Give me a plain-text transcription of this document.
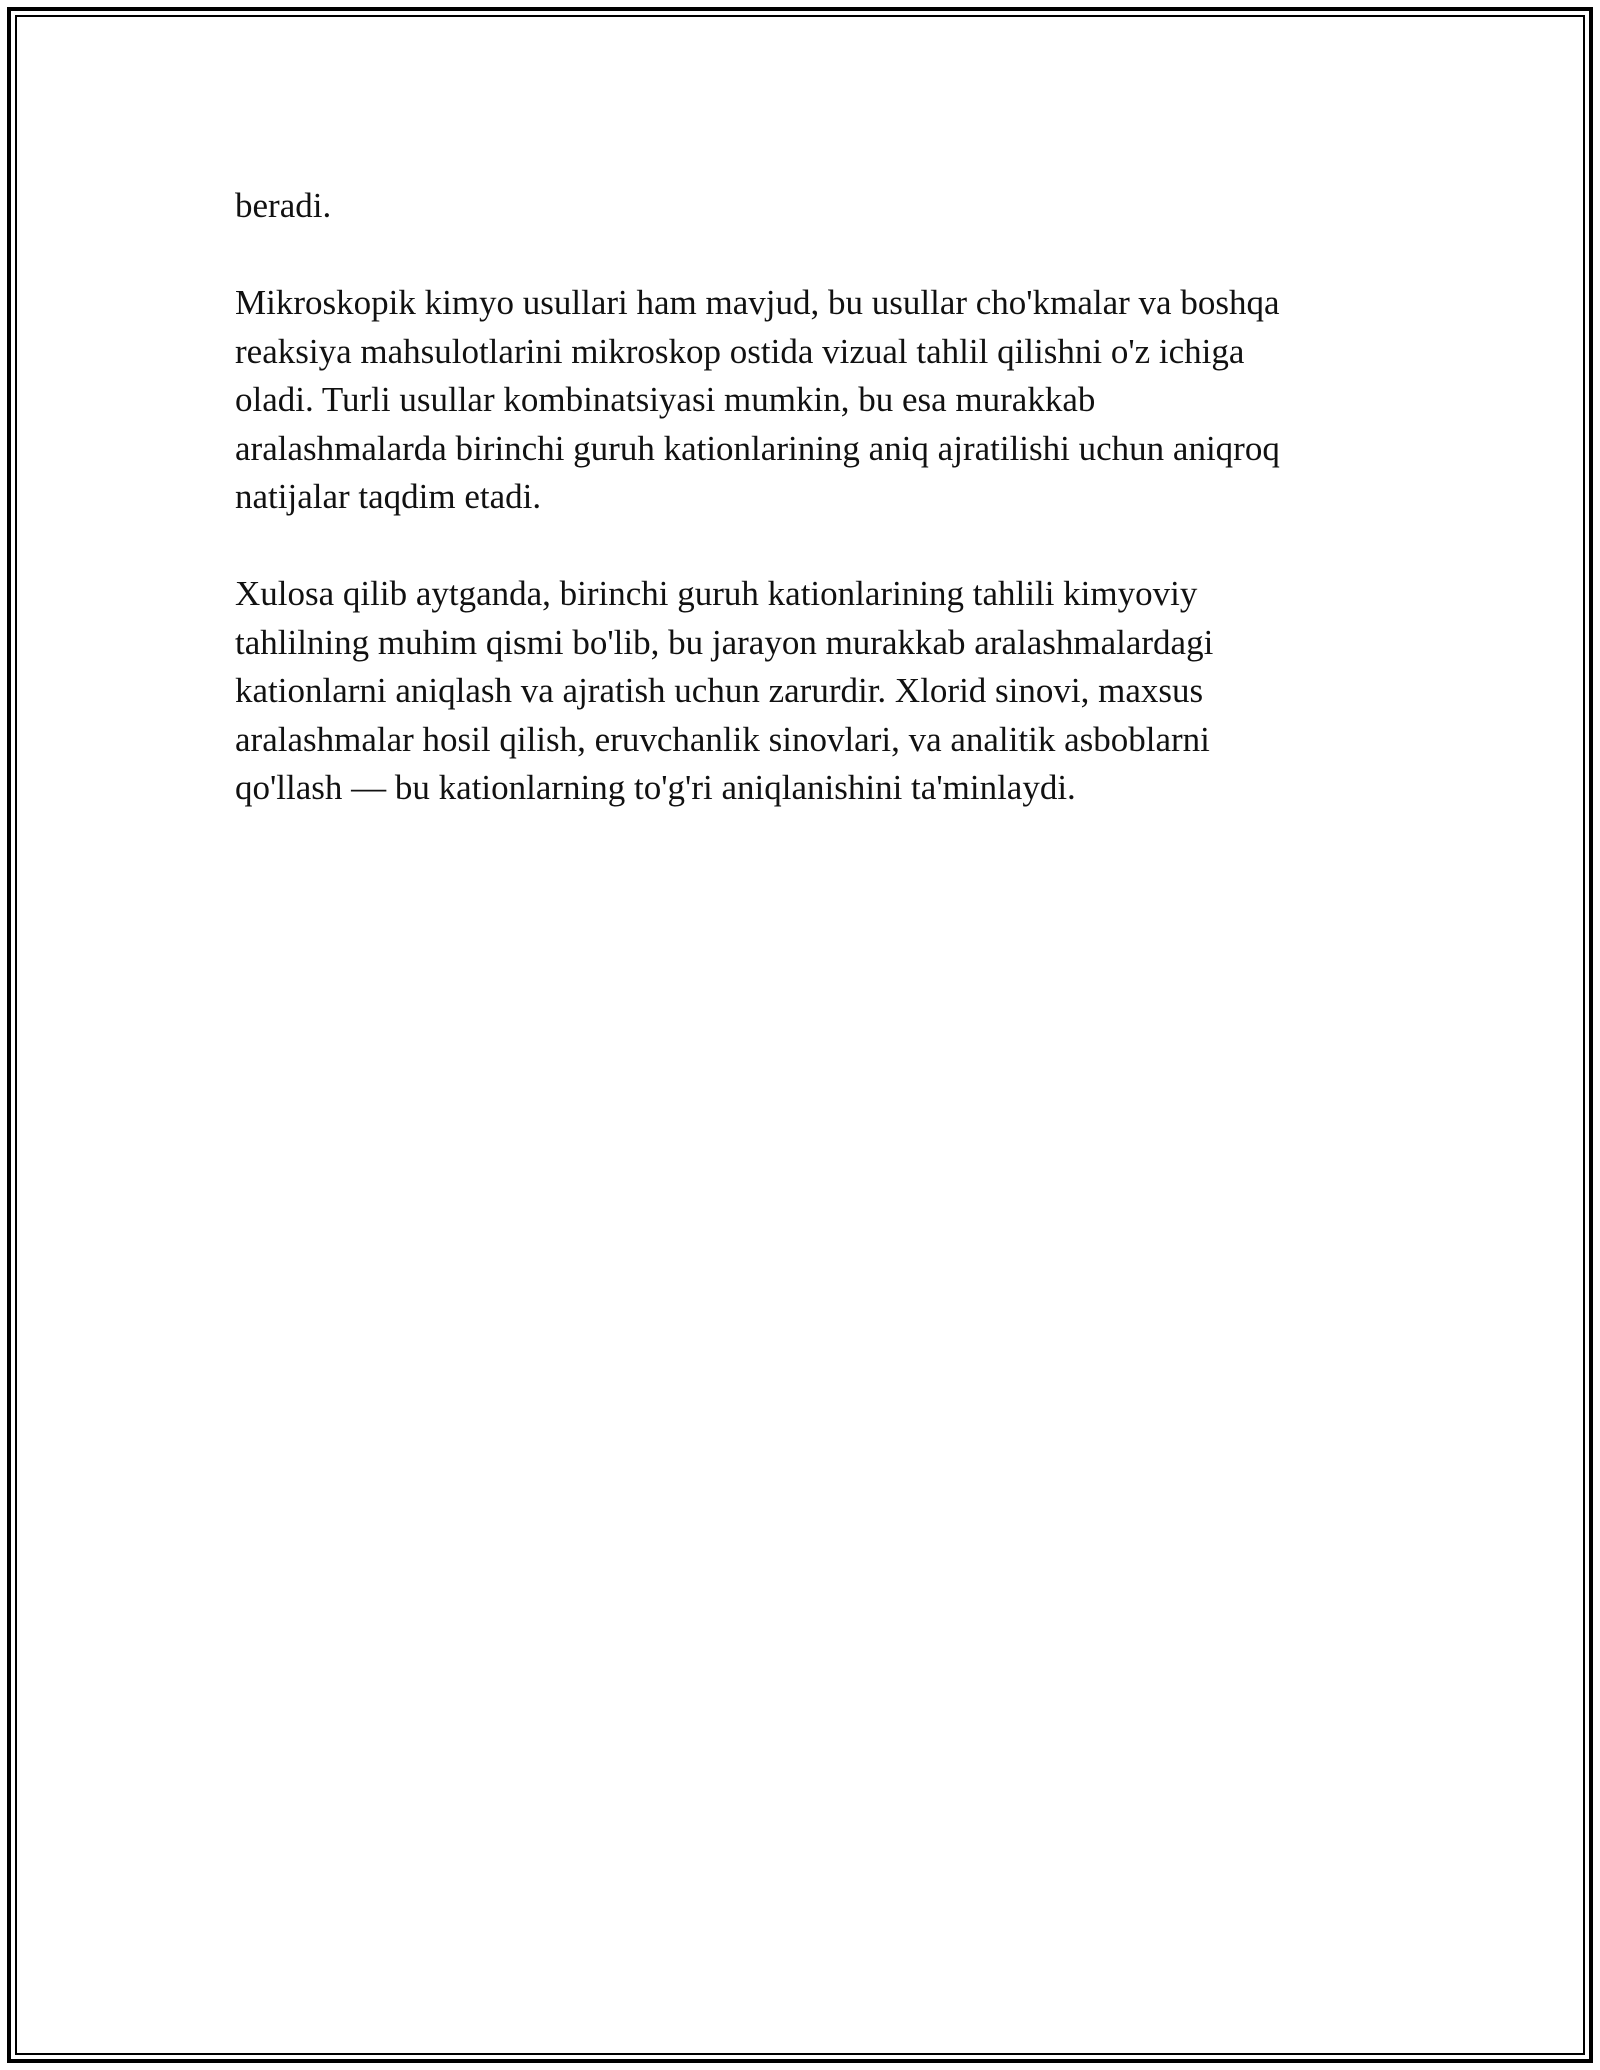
beradi.

Mikroskopik kimyo usullari ham mavjud, bu usullar cho'kmalar va boshqa
reaksiya mahsulotlarini mikroskop ostida vizual tahlil qilishni o'z ichiga
oladi. Turli usullar kombinatsiyasi mumkin, bu esa murakkab
aralashmalarda birinchi guruh kationlarining aniq ajratilishi uchun aniqroq
natijalar taqdim etadi.

Xulosa qilib aytganda, birinchi guruh kationlarining tahlili kimyoviy
tahlilning muhim qismi bo'lib, bu jarayon murakkab aralashmalardagi
kationlarni aniqlash va ajratish uchun zarurdir. Xlorid sinovi, maxsus
aralashmalar hosil qilish, eruvchanlik sinovlari, va analitik asboblarni
qo'llash — bu kationlarning to'g'ri aniqlanishini ta'minlaydi.
